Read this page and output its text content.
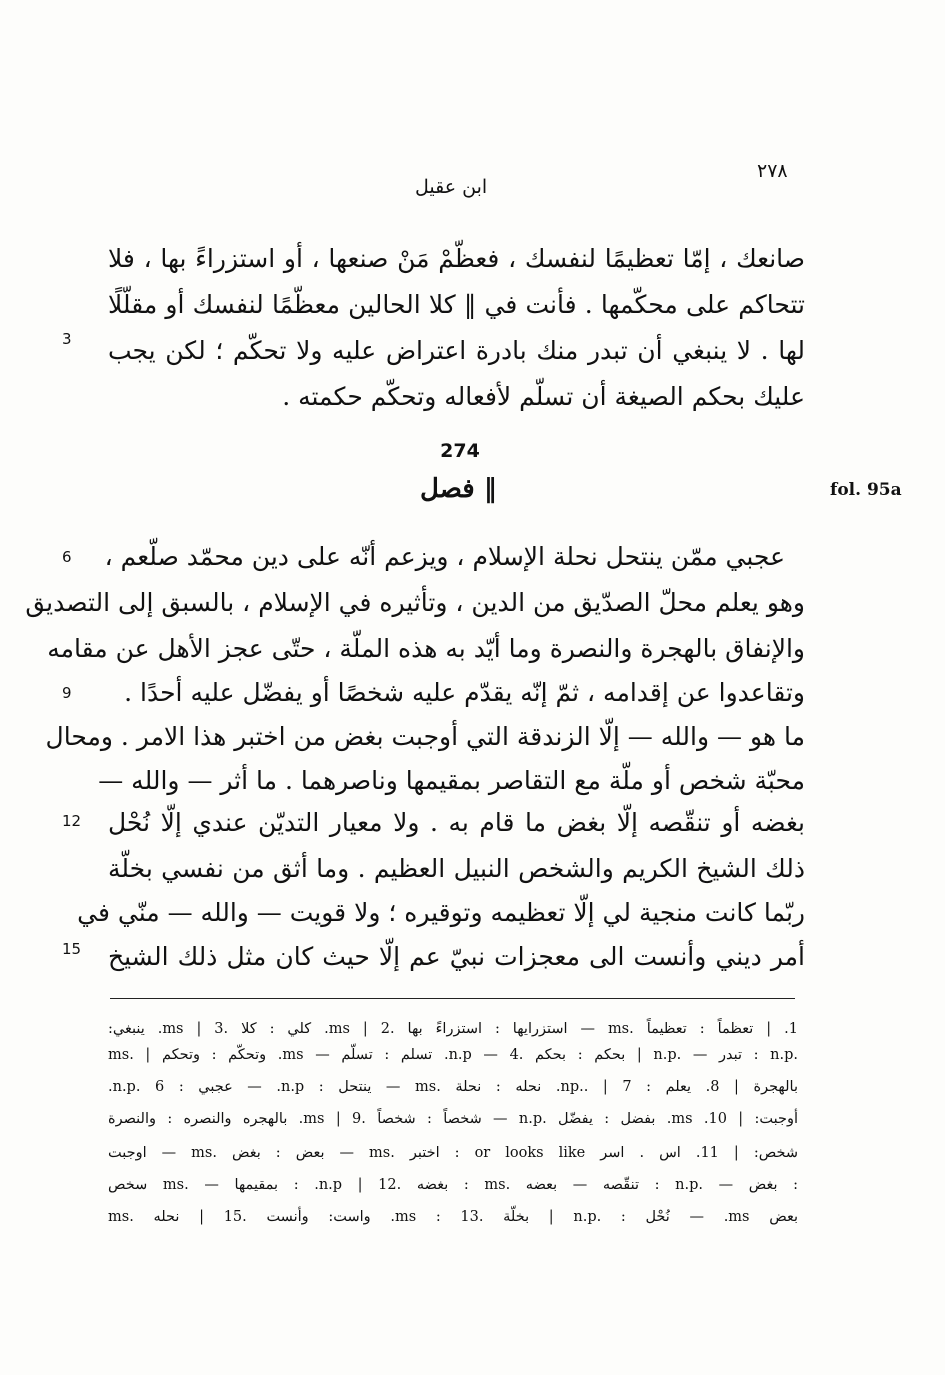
٢٧٨
ابن عقيل
صانعك ، إمّا تعظيمًا لنفسك ، فعظّمْ مَنْ صنعها ، أو استزراءً بها ، فلا
تتحاكم على محكّمها . فأنت في ‖ كلا الحالين معظّمًا لنفسك أو مقلّلًا
لها . لا ينبغي أن تبدر منك بادرة اعتراض عليه ولا تحكّم ؛ لكن يجب
3
عليك بحكم الصيغة أن تسلّم لأفعاله وتحكّم حكمته .
274
‖ فصل	fol. 95a
عجبي ممّن ينتحل نحلة الإسلام ، ويزعم أنّه على دين محمّد صلّعم ،
6
وهو يعلم محلّ الصدّيق من الدين ، وتأثيره في الإسلام ، بالسبق إلى التصديق
والإنفاق بالهجرة والنصرة وما أيّد به هذه الملّة ، حتّى عجز الأهل عن مقامه
وتقاعدوا عن إقدامه ، ثمّ إنّه يقدّم عليه شخصًا أو يفضّل عليه أحدًا .
9
ما هو — والله — إلّا الزندقة التي أوجبت بغض من اختبر هذا الامر . ومحال
محبّة شخص أو ملّة مع التقاصر بمقيمها وناصرهما . ما أثر — والله —
بغضه أو تنقّصه إلّا بغض ما قام به . ولا معيار التديّن عندي إلّا نُحْل
12
ذلك الشيخ الكريم والشخص النبيل العظيم . وما أثق من نفسي بخلّة
ربّما كانت منجية لي إلّا تعظيمه وتوقيره ؛ ولا قويت — والله — منّي في
أمر ديني وأنست الى معجزات نبيّ عم إلّا حيث كان مثل ذلك الشيخ
15
1. | تعظماً : تعظيماً .ms — استزرايها : استزراءً بها .ms | 2. كلي : كلا .ms | 3. ينبغي:
ms. | وتحكّم : وتحكم .ms — تسلم : تسلّم .n.p — بحكم : بحكم .4 | n.p. — تبدر : n.p.
بالهجرة | 8. يعلم : np.. | 7. نحله : نحلة .ms — ينتحل : n.p. — عجبي : n.p. 6.
أوجبت: | 10. ms. بفضل : يفضّل .n.p — شخصاً : شخصاً .9 | ms. بالهجره والنصره : والنصرة
شخص: | 11. اس . اسر or looks like : اختبر .ms — بعض : بغض .ms — اوجبت
: بغض — .n.p : تنقّصه — بعضه .ms : بغضه .12 | n.p. : بمقيمها — .ms سخص
ms. واست: وأنست .15 | نحله .ms : بخلّة .13 | n.p. : نُحْل — .ms بعض
